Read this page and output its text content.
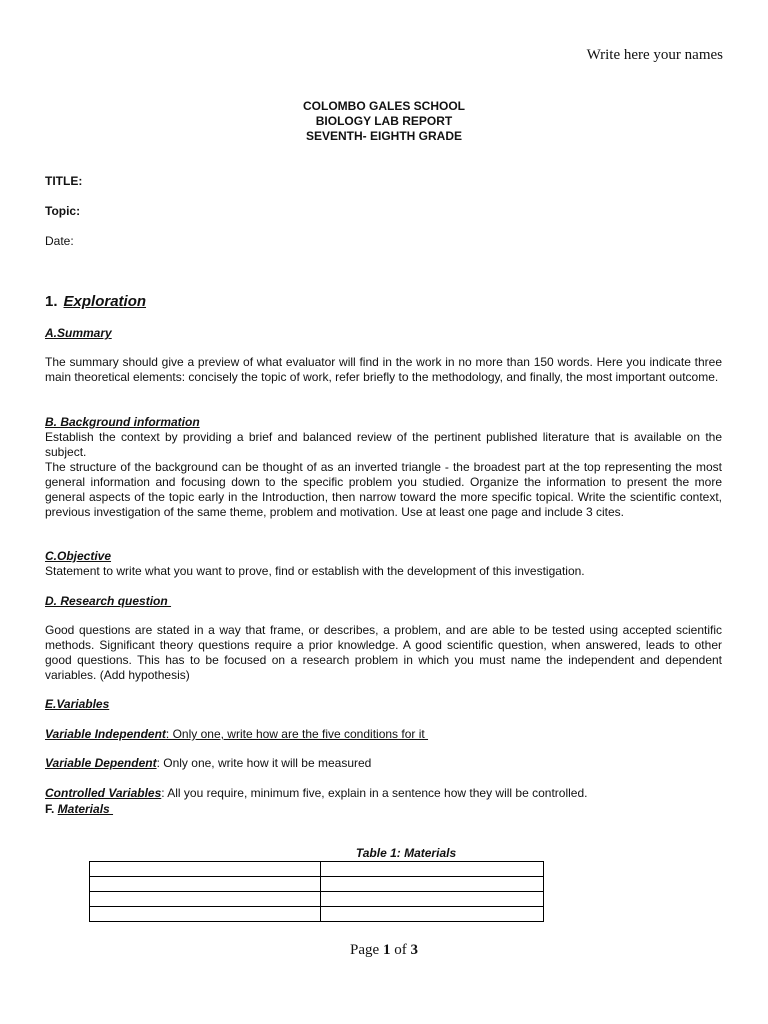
Write here your names
COLOMBO GALES SCHOOL
BIOLOGY LAB REPORT
SEVENTH- EIGHTH GRADE
TITLE:
Topic:
Date:
1. Exploration
A.Summary
The summary should give a preview of what evaluator will find in the work in no more than 150 words. Here you indicate three main theoretical elements: concisely the topic of work, refer briefly to the methodology, and finally, the most important outcome.
B. Background information
Establish the context by providing a brief and balanced review of the pertinent published literature that is available on the subject.
The structure of the background can be thought of as an inverted triangle - the broadest part at the top representing the most general information and focusing down to the specific problem you studied. Organize the information to present the more general aspects of the topic early in the Introduction, then narrow toward the more specific topical. Write the scientific context, previous investigation of the same theme, problem and motivation. Use at least one page and include 3 cites.
C.Objective
Statement to write what you want to prove, find or establish with the development of this investigation.
D. Research question
Good questions are stated in a way that frame, or describes, a problem, and are able to be tested using accepted scientific methods. Significant theory questions require a prior knowledge. A good scientific question, when answered, leads to other good questions. This has to be focused on a research problem in which you must name the independent and dependent variables. (Add hypothesis)
E.Variables
Variable Independent: Only one, write how are the five conditions for it
Variable Dependent: Only one, write how it will be measured
Controlled Variables: All you require, minimum five, explain in a sentence how they will be controlled.
F. Materials
Table 1: Materials

Page 1 of 3
